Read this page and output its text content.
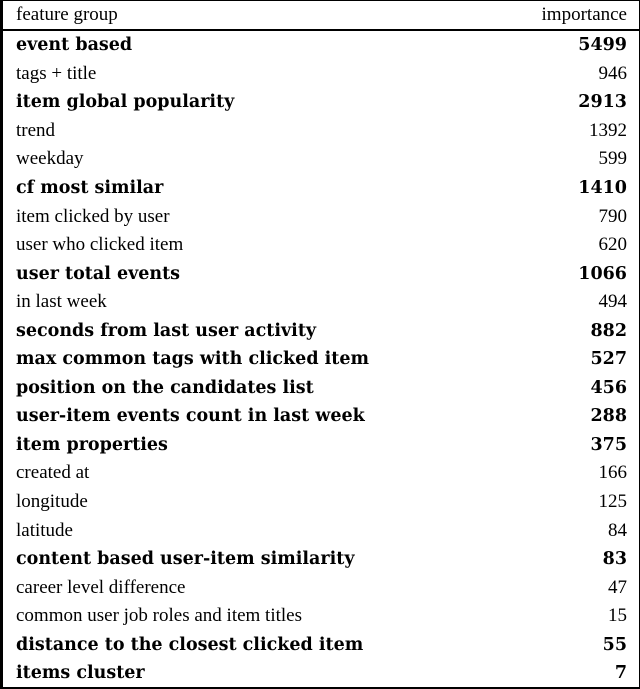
feature group	importance
event based	5499
tags + title	946
item global popularity	2913
trend	1392
weekday	599
cf most similar	1410
item clicked by user	790
user who clicked item	620
user total events	1066
in last week	494
seconds from last user activity	882
max common tags with clicked item	527
position on the candidates list	456
user-item events count in last week	288
item properties	375
created at	166
longitude	125
latitude	84
content based user-item similarity	83
career level difference	47
common user job roles and item titles	15
distance to the closest clicked item	55
items cluster	7
